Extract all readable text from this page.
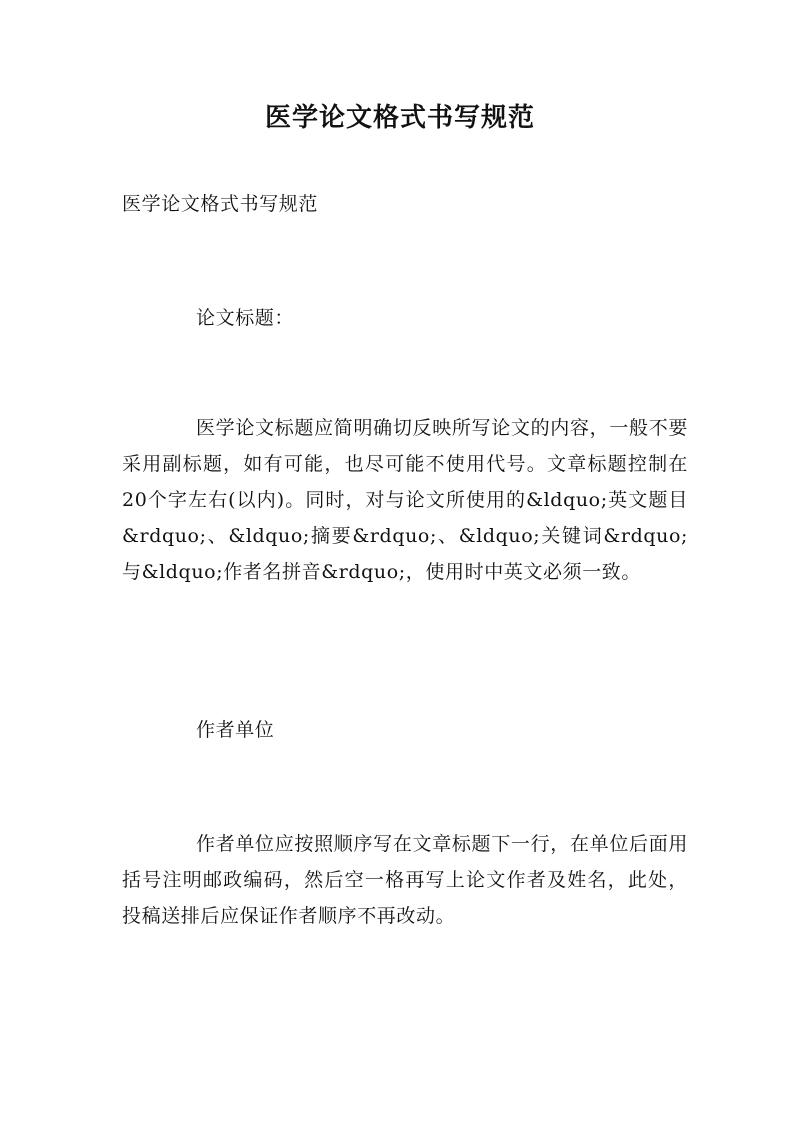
医学论文格式书写规范
医学论文格式书写规范
论文标题：
医学论文标题应简明确切反映所写论文的内容，一般不要采用副标题，如有可能，也尽可能不使用代号。文章标题控制在20个字左右(以内)。同时，对与论文所使用的&ldquo;英文题目&rdquo;、&ldquo;摘要&rdquo;、&ldquo;关键词&rdquo;与&ldquo;作者名拼音&rdquo;，使用时中英文必须一致。
作者单位
作者单位应按照顺序写在文章标题下一行，在单位后面用括号注明邮政编码，然后空一格再写上论文作者及姓名，此处，投稿送排后应保证作者顺序不再改动。
